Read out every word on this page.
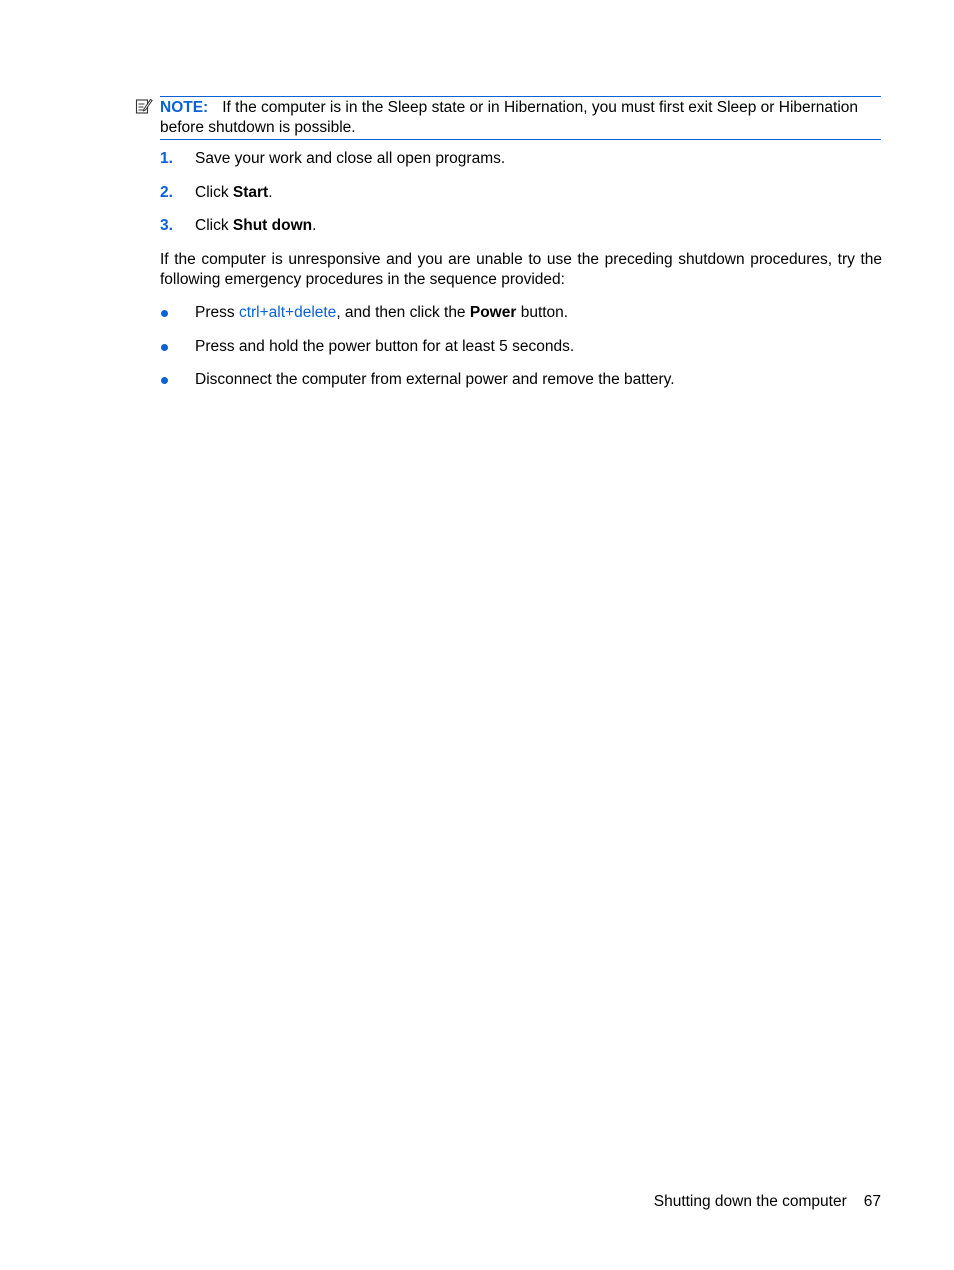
NOTE: If the computer is in the Sleep state or in Hibernation, you must first exit Sleep or Hibernation before shutdown is possible.
1. Save your work and close all open programs.
2. Click Start.
3. Click Shut down.
If the computer is unresponsive and you are unable to use the preceding shutdown procedures, try the following emergency procedures in the sequence provided:
Press ctrl+alt+delete, and then click the Power button.
Press and hold the power button for at least 5 seconds.
Disconnect the computer from external power and remove the battery.
Shutting down the computer 67
